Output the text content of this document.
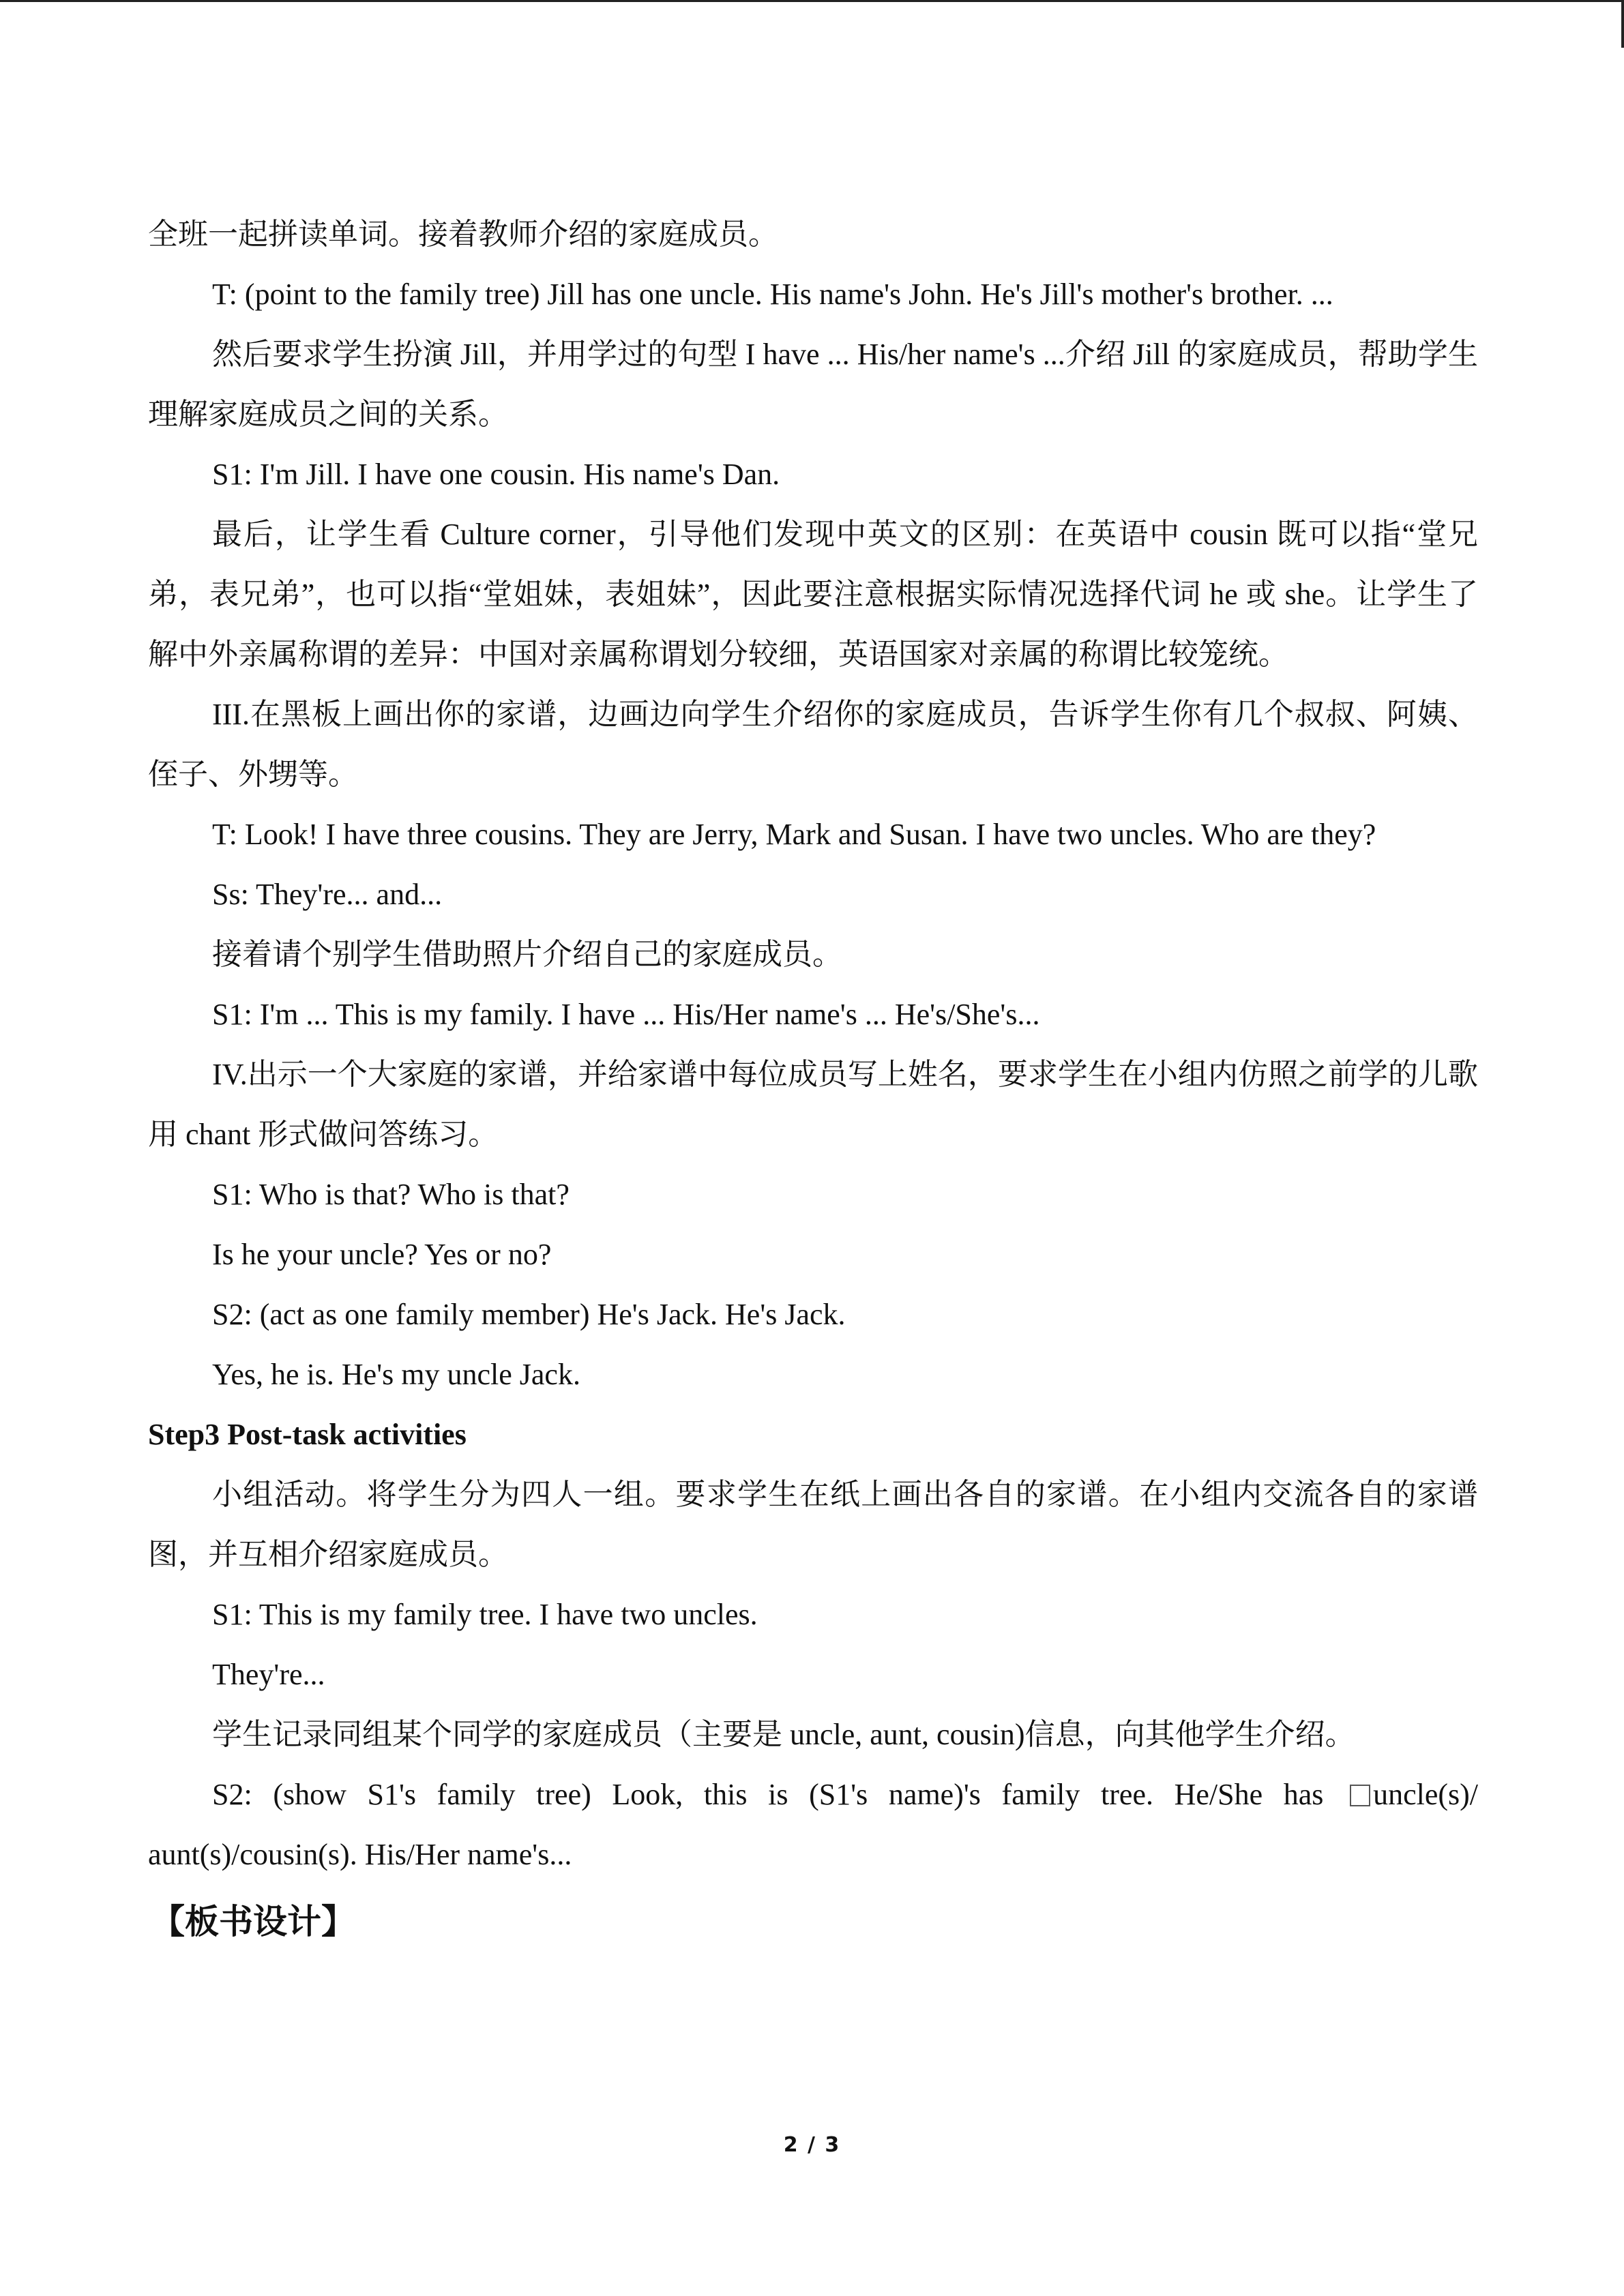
全班一起拼读单词。接着教师介绍的家庭成员。
T: (point to the family tree) Jill has one uncle. His name's John. He's Jill's mother's brother. ...
然后要求学生扮演 Jill，并用学过的句型 I have ... His/her name's ...介绍 Jill 的家庭成员，帮助学生理解家庭成员之间的关系。
S1: I'm Jill. I have one cousin. His name's Dan.
最后，让学生看 Culture corner，引导他们发现中英文的区别：在英语中 cousin 既可以指“堂兄弟，表兄弟”，也可以指“堂姐妹，表姐妹”，因此要注意根据实际情况选择代词 he 或 she。让学生了解中外亲属称谓的差异：中国对亲属称谓划分较细，英语国家对亲属的称谓比较笼统。
III.在黑板上画出你的家谱，边画边向学生介绍你的家庭成员，告诉学生你有几个叔叔、阿姨、侄子、外甥等。
T: Look! I have three cousins. They are Jerry, Mark and Susan. I have two uncles. Who are they?
Ss: They're... and...
接着请个别学生借助照片介绍自己的家庭成员。
S1: I'm ... This is my family. I have ... His/Her name's ... He's/She's...
IV.出示一个大家庭的家谱，并给家谱中每位成员写上姓名，要求学生在小组内仿照之前学的儿歌用 chant 形式做问答练习。
S1: Who is that? Who is that?
Is he your uncle? Yes or no?
S2: (act as one family member) He's Jack. He's Jack.
Yes, he is. He's my uncle Jack.
Step3 Post-task activities
小组活动。将学生分为四人一组。要求学生在纸上画出各自的家谱。在小组内交流各自的家谱图，并互相介绍家庭成员。
S1: This is my family tree. I have two uncles.
They're...
学生记录同组某个同学的家庭成员（主要是 uncle, aunt, cousin)信息，向其他学生介绍。
S2: (show S1's family tree) Look, this is (S1's name)'s family tree. He/She has uncle(s)/
aunt(s)/cousin(s). His/Her name's...
【板书设计】
2 / 3
